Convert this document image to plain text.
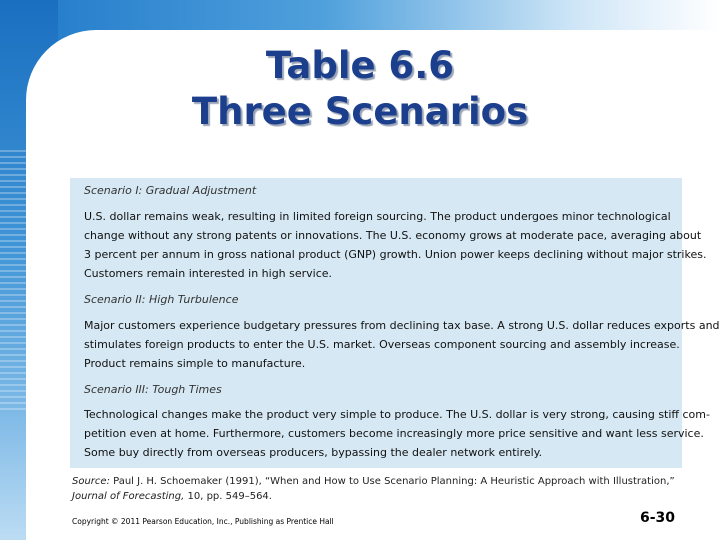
Table 6.6
Three Scenarios

Scenario I: Gradual Adjustment

U.S. dollar remains weak, resulting in limited foreign sourcing. The product undergoes minor technological

change without any strong patents or innovations. The U.S. economy grows at moderate pace, averaging about

3 percent per annum in gross national product (GNP) growth. Union power keeps declining without major strikes.

Customers remain interested in high service.

Scenario II: High Turbulence

Major customers experience budgetary pressures from declining tax base. A strong U.S. dollar reduces exports and

stimulates foreign products to enter the U.S. market. Overseas component sourcing and assembly increase.

Product remains simple to manufacture.

Scenario III: Tough Times

Technological changes make the product very simple to produce. The U.S. dollar is very strong, causing stiff com-

petition even at home. Furthermore, customers become increasingly more price sensitive and want less service.

Some buy directly from overseas producers, bypassing the dealer network entirely.

Source: Paul J. H. Schoemaker (1991), “When and How to Use Scenario Planning: A Heuristic Approach with Illustration,” Journal of Forecasting, 10, pp. 549–564.

Copyright © 2011 Pearson Education, Inc., Publishing as Prentice Hall	6-30
